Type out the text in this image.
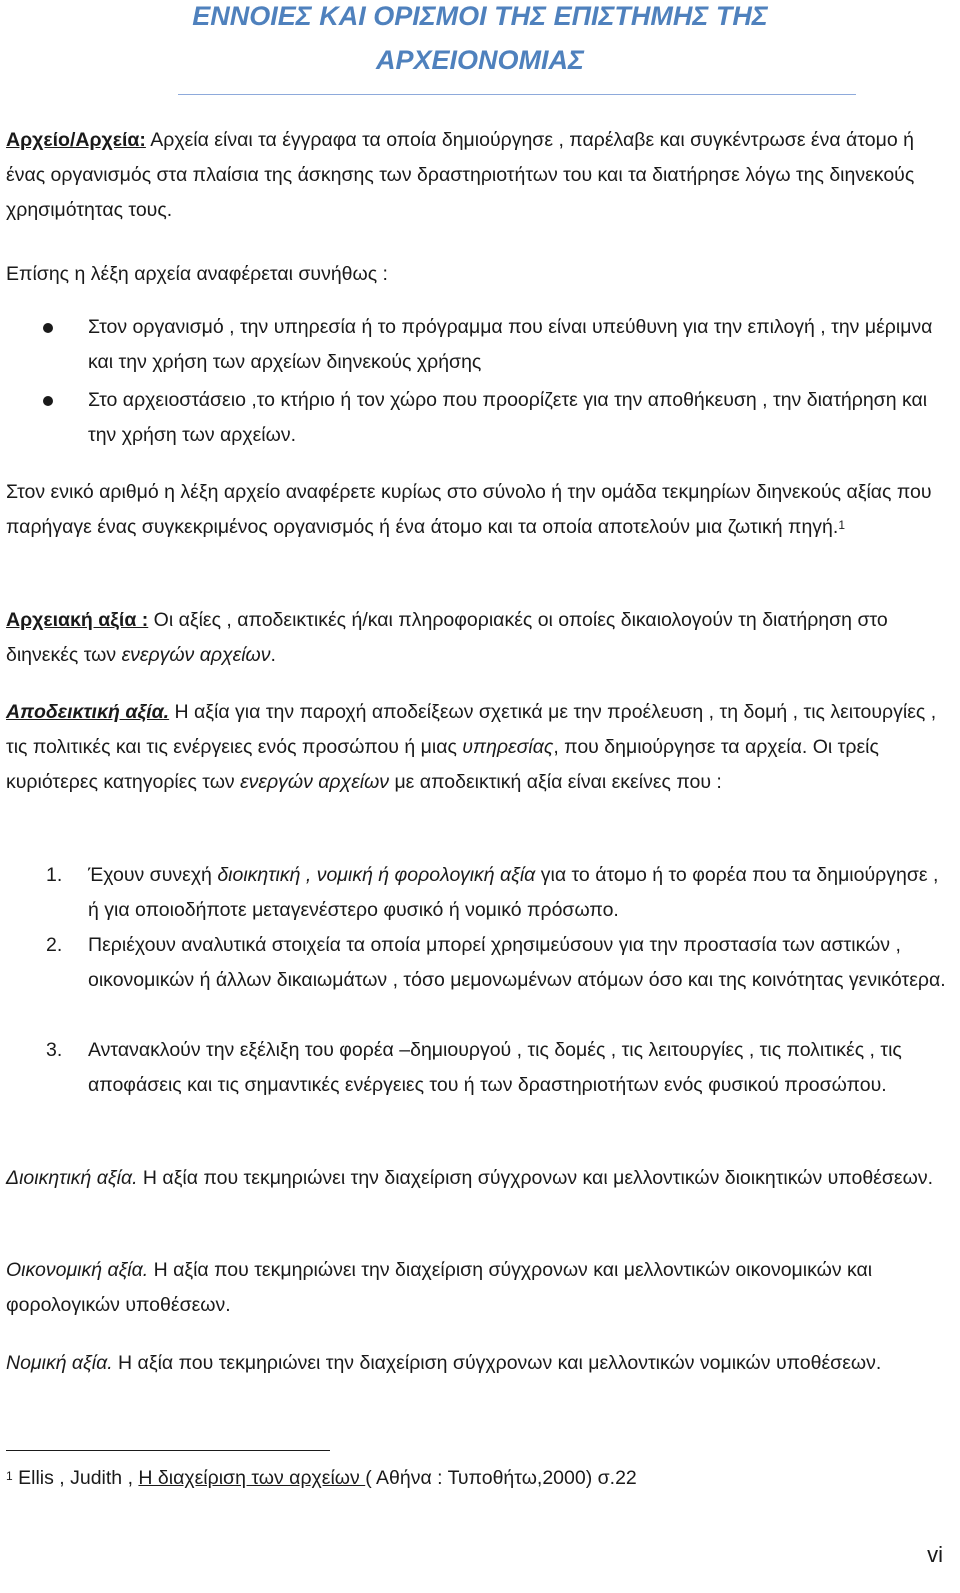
ΕΝΝΟΙΕΣ ΚΑΙ ΟΡΙΣΜΟΙ ΤΗΣ ΕΠΙΣΤΗΜΗΣ ΤΗΣ
ΑΡΧΕΙΟΝΟΜΙΑΣ

Αρχείο/Αρχεία: Αρχεία είναι τα έγγραφα τα οποία δημιούργησε , παρέλαβε και συγκέντρωσε ένα άτομο ή ένας οργανισμός στα πλαίσια της άσκησης των δραστηριοτήτων του και τα διατήρησε λόγω της διηνεκούς χρησιμότητας τους.

Επίσης η λέξη αρχεία αναφέρεται συνήθως :

Στον οργανισμό , την υπηρεσία ή το πρόγραμμα που είναι υπεύθυνη για την επιλογή , την μέριμνα και την χρήση των αρχείων διηνεκούς χρήσης

Στο αρχειοστάσειο ,το κτήριο ή τον χώρο που προορίζετε για την αποθήκευση , την διατήρηση και την χρήση των αρχείων.

Στον ενικό αριθμό η λέξη αρχείο αναφέρετε κυρίως στο σύνολο ή την ομάδα τεκμηρίων διηνεκούς αξίας που παρήγαγε ένας συγκεκριμένος οργανισμός ή ένα άτομο και τα οποία αποτελούν μια ζωτική πηγή.$^1$

Αρχειακή αξία : Οι αξίες , αποδεικτικές ή/και πληροφοριακές οι οποίες δικαιολογούν τη διατήρηση στο διηνεκές των ενεργών αρχείων.

Αποδεικτική αξία. Η αξία για την παροχή αποδείξεων σχετικά με την προέλευση , τη δομή , τις λειτουργίες , τις πολιτικές και τις ενέργειες ενός προσώπου ή μιας υπηρεσίας, που δημιούργησε τα αρχεία. Οι τρείς κυριότερες κατηγορίες των ενεργών αρχείων με αποδεικτική αξία είναι εκείνες που :

1. Έχουν συνεχή διοικητική , νομική ή φορολογική αξία για το άτομο ή το φορέα που τα δημιούργησε , ή για οποιοδήποτε μεταγενέστερο φυσικό ή νομικό πρόσωπο.

2. Περιέχουν αναλυτικά στοιχεία τα οποία μπορεί χρησιμεύσουν για την προστασία των αστικών , οικονομικών ή άλλων δικαιωμάτων , τόσο μεμονωμένων ατόμων όσο και της κοινότητας γενικότερα.

3. Αντανακλούν την εξέλιξη του φορέα –δημιουργού , τις δομές , τις λειτουργίες , τις πολιτικές , τις αποφάσεις και τις σημαντικές ενέργειες του ή των δραστηριοτήτων ενός φυσικού προσώπου.

Διοικητική αξία. Η αξία που τεκμηριώνει την διαχείριση σύγχρονων και μελλοντικών διοικητικών υποθέσεων.

Οικονομική αξία. Η αξία που τεκμηριώνει την διαχείριση σύγχρονων και μελλοντικών οικονομικών και φορολογικών υποθέσεων.

Νομική αξία. Η αξία που τεκμηριώνει την διαχείριση σύγχρονων και μελλοντικών νομικών υποθέσεων.

$^1$ Ellis , Judith , Η διαχείριση των αρχείων ( Αθήνα : Τυποθήτω,2000) σ.22

vi
